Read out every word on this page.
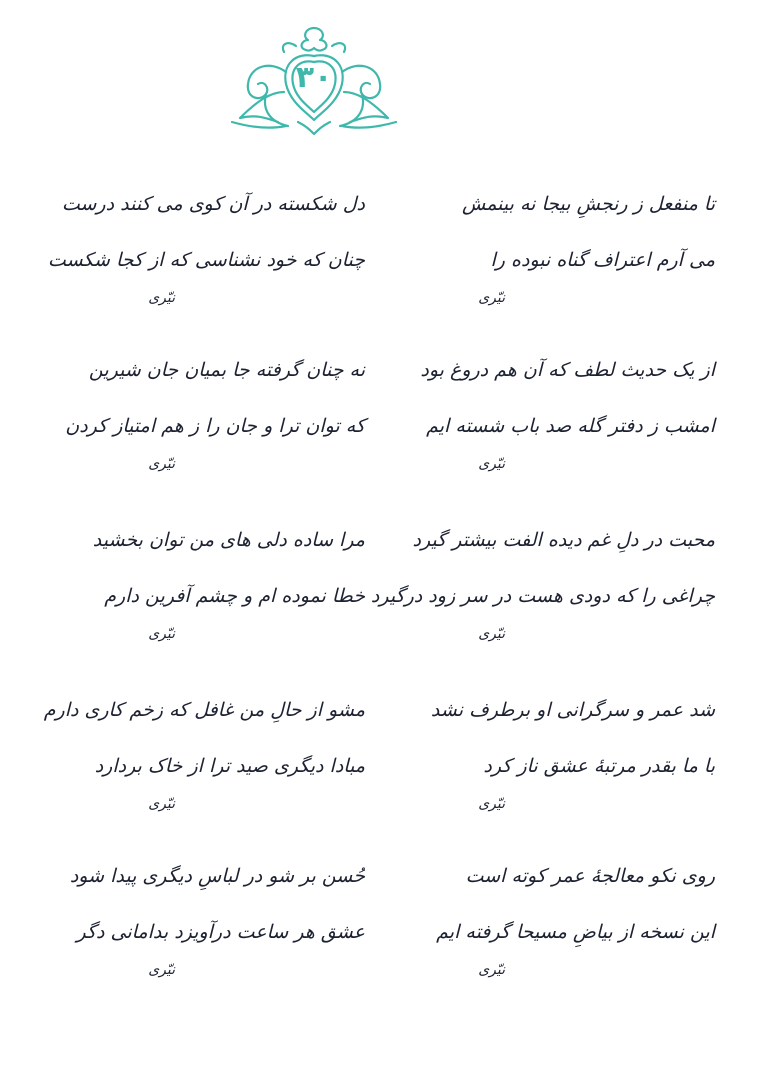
۳۰
تا منفعل ز رنجشِ بیجا نه بینمش
می آرم اعتراف گناه نبوده را
نیّری
دل شکسته در آن کوی می کنند درست
چنان که خود نشناسی که از کجا شکست
نیّری
از یک حدیث لطف که آن هم دروغ بود
امشب ز دفتر گله صد باب شسته ایم
نیّری
نه چنان گرفته جا بمیان جان شیرین
که توان ترا و جان را ز هم امتیاز کردن
نیّری
محبت در دلِ غم دیده الفت بیشتر گیرد
چراغی را که دودی هست در سر زود درگیرد
نیّری
مرا ساده دلی های من توان بخشید
خطا نموده ام و چشم آفرین دارم
نیّری
شد عمر و سرگرانی او برطرف نشد
با ما بقدر مرتبهٔ عشق ناز کرد
نیّری
مشو از حالِ من غافل که زخم کاری دارم
مبادا دیگری صید ترا از خاک بردارد
نیّری
روی نکو معالجهٔ عمر کوته است
این نسخه از بیاضِ مسیحا گرفته ایم
نیّری
حُسن بر شو در لباسِ دیگری پیدا شود
عشق هر ساعت درآویزد بدامانی دگر
نیّری
